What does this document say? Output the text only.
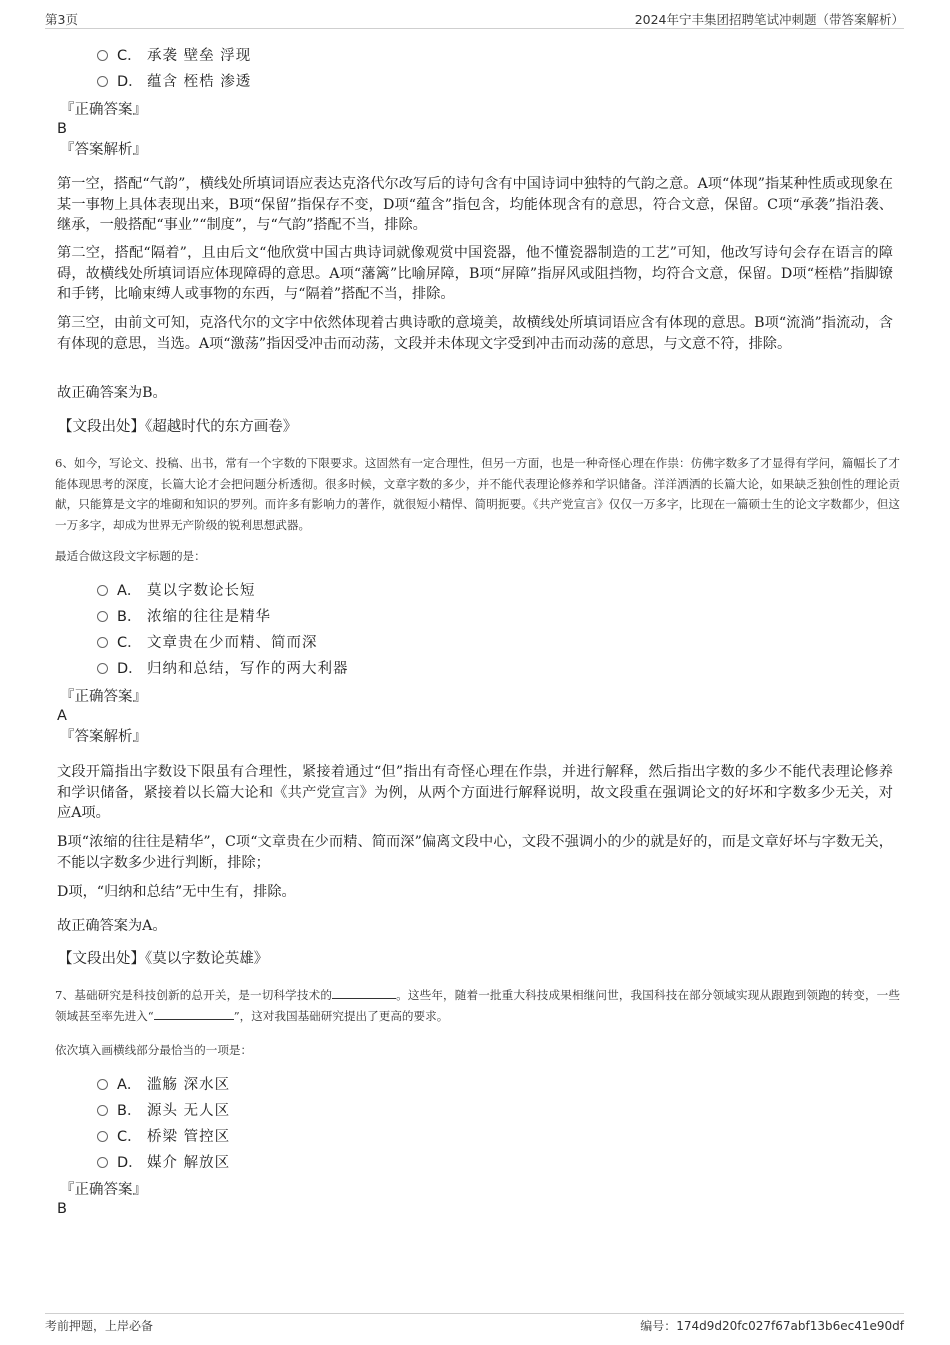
第3页	2024年宁丰集团招聘笔试冲刺题（带答案解析）
C． 承袭 壁垒 浮现
D． 蕴含 桎梏 渗透
『正确答案』
B
『答案解析』
第一空，搭配“气韵”，横线处所填词语应表达克洛代尔改写后的诗句含有中国诗词中独特的气韵之意。A项“体现”指某种性质或现象在某一事物上具体表现出来，B项“保留”指保存不变，D项“蕴含”指包含，均能体现含有的意思，符合文意，保留。C项“承袭”指沿袭、继承，一般搭配“事业”“制度”，与“气韵”搭配不当，排除。
第二空，搭配“隔着”，且由后文“他欣赏中国古典诗词就像观赏中国瓷器，他不懂瓷器制造的工艺”可知，他改写诗句会存在语言的障碍，故横线处所填词语应体现障碍的意思。A项“藩篱”比喻屏障，B项“屏障”指屏风或阻挡物，均符合文意，保留。D项“桎梏”指脚镣和手铐，比喻束缚人或事物的东西，与“隔着”搭配不当，排除。
第三空，由前文可知，克洛代尔的文字中依然体现着古典诗歌的意境美，故横线处所填词语应含有体现的意思。B项“流淌”指流动，含有体现的意思，当选。A项“激荡”指因受冲击而动荡，文段并未体现文字受到冲击而动荡的意思，与文意不符，排除。
故正确答案为B。
【文段出处】《超越时代的东方画卷》
6、如今，写论文、投稿、出书，常有一个字数的下限要求。这固然有一定合理性，但另一方面，也是一种奇怪心理在作祟：仿佛字数多了才显得有学问，篇幅长了才能体现思考的深度，长篇大论才会把问题分析透彻。很多时候，文章字数的多少，并不能代表理论修养和学识储备。洋洋洒洒的长篇大论，如果缺乏独创性的理论贡献，只能算是文字的堆砌和知识的罗列。而许多有影响力的著作，就很短小精悍、简明扼要。《共产党宣言》仅仅一万多字，比现在一篇硕士生的论文字数都少，但这一万多字，却成为世界无产阶级的锐利思想武器。
最适合做这段文字标题的是：
A． 莫以字数论长短
B． 浓缩的往往是精华
C． 文章贵在少而精、简而深
D． 归纳和总结，写作的两大利器
『正确答案』
A
『答案解析』
文段开篇指出字数设下限虽有合理性，紧接着通过“但”指出有奇怪心理在作祟，并进行解释，然后指出字数的多少不能代表理论修养和学识储备，紧接着以长篇大论和《共产党宣言》为例，从两个方面进行解释说明，故文段重在强调论文的好坏和字数多少无关，对应A项。
B项“浓缩的往往是精华”，C项“文章贵在少而精、简而深”偏离文段中心，文段不强调小的少的就是好的，而是文章好坏与字数无关，不能以字数多少进行判断，排除；
D项，“归纳和总结”无中生有，排除。
故正确答案为A。
【文段出处】《莫以字数论英雄》
7、基础研究是科技创新的总开关，是一切科学技术的	。这些年，随着一批重大科技成果相继问世，我国科技在部分领域实现从跟跑到领跑的转变，一些领域甚至率先进入“	”，这对我国基础研究提出了更高的要求。
依次填入画横线部分最恰当的一项是：
A． 滥觞 深水区
B． 源头 无人区
C． 桥梁 管控区
D． 媒介 解放区
『正确答案』
B
考前押题，上岸必备	编号：174d9d20fc027f67abf13b6ec41e90df
